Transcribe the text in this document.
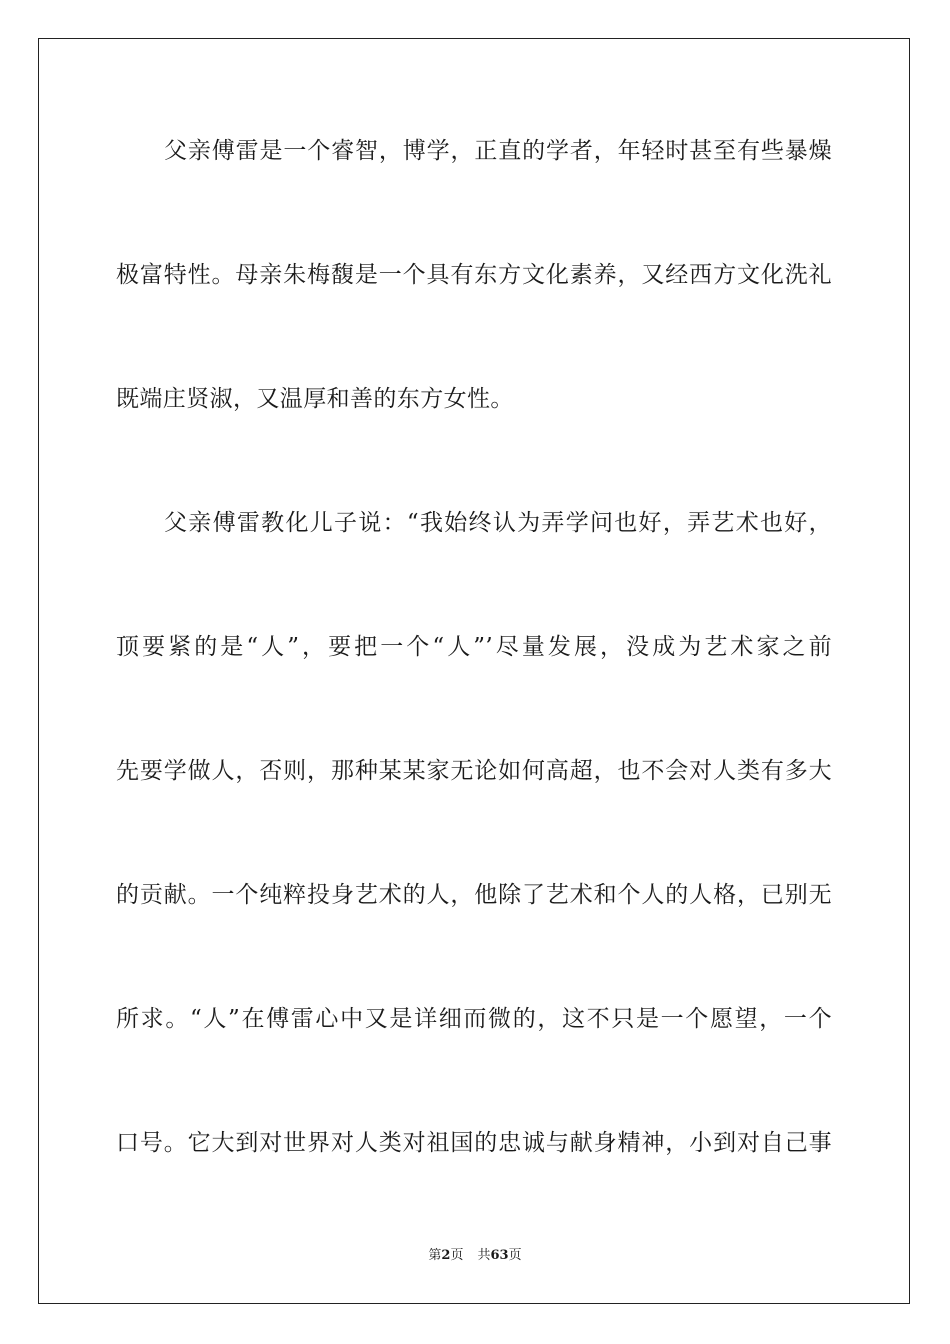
父亲傅雷是一个睿智，博学，正直的学者，年轻时甚至有些暴燥
极富特性。母亲朱梅馥是一个具有东方文化素养，又经西方文化洗礼
既端庄贤淑，又温厚和善的东方女性。
父亲傅雷教化儿子说：“我始终认为弄学问也好，弄艺术也好，
顶要紧的是“人”，要把一个“人”’尽量发展，没成为艺术家之前
先要学做人，否则，那种某某家无论如何高超，也不会对人类有多大
的贡献。一个纯粹投身艺术的人，他除了艺术和个人的人格，已别无
所求。“人”在傅雷心中又是详细而微的，这不只是一个愿望，一个
口号。它大到对世界对人类对祖国的忠诚与献身精神，小到对自己事
第2页 共63页
